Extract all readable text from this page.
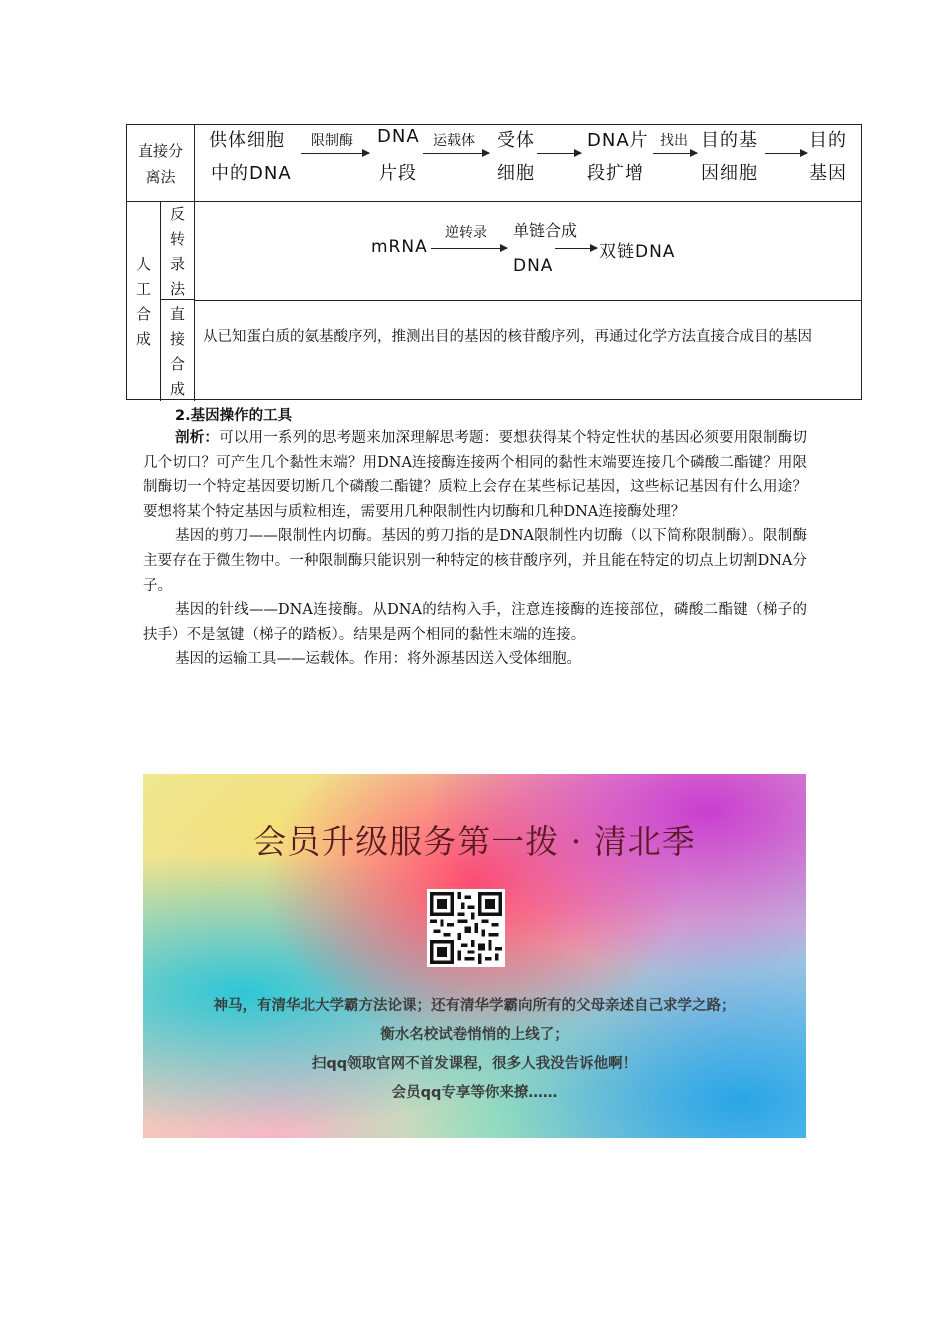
直接分离法
供体细胞
中的DNA
限制酶 DNA
片段
运载体 受体
细胞
DNA片
段扩增
找出 目的基
因细胞
目的
基因
人
工
合
成
反
转
录
法
mRNA
逆转录 单链合成
DNA
双链DNA
直
接
合
成
从已知蛋白质的氨基酸序列，推测出目的基因的核苷酸序列，再通过化学方法直接合成目的基因
2.基因操作的工具

剖析：可以用一系列的思考题来加深理解思考题：要想获得某个特定性状的基因必须要用限制酶切几个切口？可产生几个黏性末端？用DNA连接酶连接两个相同的黏性末端要连接几个磷酸二酯键？用限制酶切一个特定基因要切断几个磷酸二酯键？质粒上会存在某些标记基因，这些标记基因有什么用途？要想将某个特定基因与质粒相连，需要用几种限制性内切酶和几种DNA连接酶处理？

基因的剪刀——限制性内切酶。基因的剪刀指的是DNA限制性内切酶（以下简称限制酶）。限制酶主要存在于微生物中。一种限制酶只能识别一种特定的核苷酸序列，并且能在特定的切点上切割DNA分子。

基因的针线——DNA连接酶。从DNA的结构入手，注意连接酶的连接部位，磷酸二酯键（梯子的扶手）不是氢键（梯子的踏板）。结果是两个相同的黏性末端的连接。

基因的运输工具——运载体。作用：将外源基因送入受体细胞。

会员升级服务第一拨 · 清北季
神马，有清华北大学霸方法论课；还有清华学霸向所有的父母亲述自己求学之路；
衡水名校试卷悄悄的上线了；
扫qq领取官网不首发课程，很多人我没告诉他啊！
会员qq专享等你来撩……
